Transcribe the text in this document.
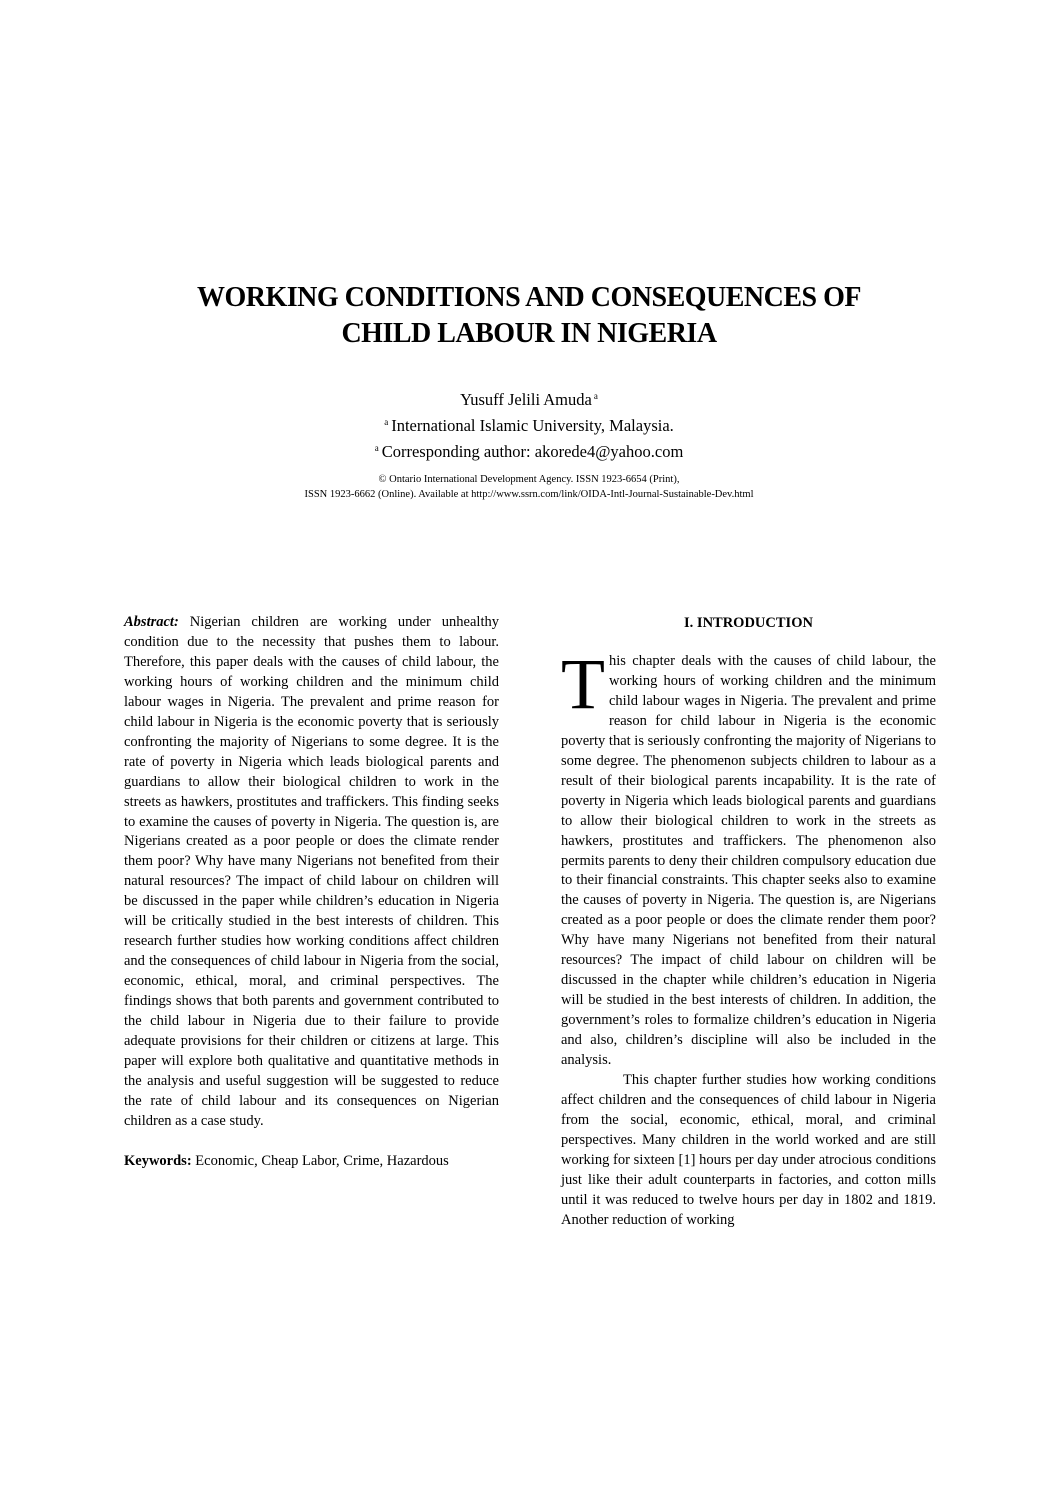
WORKING CONDITIONS AND CONSEQUENCES OF
CHILD LABOUR IN NIGERIA
Yusuff Jelili Amuda $^a$
$^a$ International Islamic University, Malaysia.
$^a$ Corresponding author: akorede4@yahoo.com
© Ontario International Development Agency. ISSN 1923-6654 (Print),
ISSN 1923-6662 (Online). Available at http://www.ssrn.com/link/OIDA-Intl-Journal-Sustainable-Dev.html

Abstract: Nigerian children are working under unhealthy condition due to the necessity that pushes them to labour. Therefore, this paper deals with the causes of child labour, the working hours of working children and the minimum child labour wages in Nigeria. The prevalent and prime reason for child labour in Nigeria is the economic poverty that is seriously confronting the majority of Nigerians to some degree. It is the rate of poverty in Nigeria which leads biological parents and guardians to allow their biological children to work in the streets as hawkers, prostitutes and traffickers. This finding seeks to examine the causes of poverty in Nigeria. The question is, are Nigerians created as a poor people or does the climate render them poor? Why have many Nigerians not benefited from their natural resources? The impact of child labour on children will be discussed in the paper while children’s education in Nigeria will be critically studied in the best interests of children. This research further studies how working conditions affect children and the consequences of child labour in Nigeria from the social, economic, ethical, moral, and criminal perspectives. The findings shows that both parents and government contributed to the child labour in Nigeria due to their failure to provide adequate provisions for their children or citizens at large. This paper will explore both qualitative and quantitative methods in the analysis and useful suggestion will be suggested to reduce the rate of child labour and its consequences on Nigerian children as a case study.

Keywords: Economic, Cheap Labor, Crime, Hazardous

I. INTRODUCTION

This chapter deals with the causes of child labour, the working hours of working children and the minimum child labour wages in Nigeria. The prevalent and prime reason for child labour in Nigeria is the economic poverty that is seriously confronting the majority of Nigerians to some degree. The phenomenon subjects children to labour as a result of their biological parents incapability. It is the rate of poverty in Nigeria which leads biological parents and guardians to allow their biological children to work in the streets as hawkers, prostitutes and traffickers. The phenomenon also permits parents to deny their children compulsory education due to their financial constraints. This chapter seeks also to examine the causes of poverty in Nigeria. The question is, are Nigerians created as a poor people or does the climate render them poor? Why have many Nigerians not benefited from their natural resources? The impact of child labour on children will be discussed in the chapter while children’s education in Nigeria will be studied in the best interests of children. In addition, the government’s roles to formalize children’s education in Nigeria and also, children’s discipline will also be included in the analysis.

This chapter further studies how working conditions affect children and the consequences of child labour in Nigeria from the social, economic, ethical, moral, and criminal perspectives. Many children in the world worked and are still working for sixteen [1] hours per day under atrocious conditions just like their adult counterparts in factories, and cotton mills until it was reduced to twelve hours per day in 1802 and 1819. Another reduction of working
